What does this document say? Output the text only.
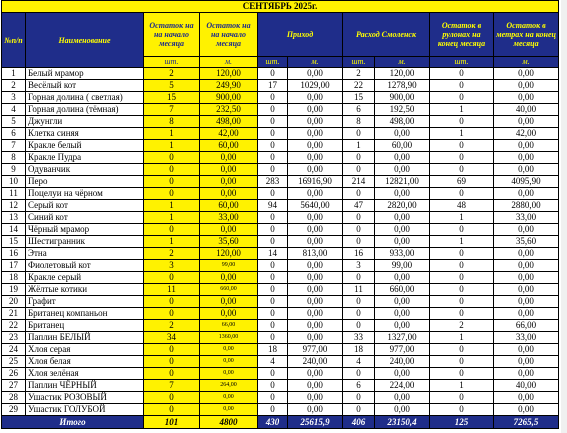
СЕНТЯБРЬ 2025г.									
№п/п	Наименование	Остаток на на начало месяца	Остаток на на начало месяца	Приход		Расход Смоленск		Остаток в рулонах на конец месяца	Остаток в метрах на конец месяца
		шт.	м.	шт.	м.	шт.	м.	шт.	м.
1	Белый мрамор	2	120,00	0	0,00	2	120,00	0	0,00
2	Весёлый кот	5	249,90	17	1029,00	22	1278,90	0	0,00
3	Горная долина ( светлая)	15	900,00	0	0,00	15	900,00	0	0,00
4	Горная долина (тёмная)	7	232,50	0	0,00	6	192,50	1	40,00
5	Джунгли	8	498,00	0	0,00	8	498,00	0	0,00
6	Клетка синяя	1	42,00	0	0,00	0	0,00	1	42,00
7	Кракле белый	1	60,00	0	0,00	1	60,00	0	0,00
8	Кракле Пудра	0	0,00	0	0,00	0	0,00	0	0,00
9	Одуванчик	0	0,00	0	0,00	0	0,00	0	0,00
10	Перо	0	0,00	283	16916,90	214	12821,00	69	4095,90
11	Поцелуи на чёрном	0	0,00	0	0,00	0	0,00	0	0,00
12	Серый кот	1	60,00	94	5640,00	47	2820,00	48	2880,00
13	Синий кот	1	33,00	0	0,00	0	0,00	1	33,00
14	Чёрный мрамор	0	0,00	0	0,00	0	0,00	0	0,00
15	Шестигранник	1	35,60	0	0,00	0	0,00	1	35,60
16	Этна	2	120,00	14	813,00	16	933,00	0	0,00
17	Фиолетовый кот	3	99,00	0	0,00	3	99,00	0	0,00
18	Кракле серый	0	0,00	0	0,00	0	0,00	0	0,00
19	Жёлтые котики	11	660,00	0	0,00	11	660,00	0	0,00
20	Графит	0	0,00	0	0,00	0	0,00	0	0,00
21	Британец компаньон	0	0,00	0	0,00	0	0,00	0	0,00
22	Британец	2	66,00	0	0,00	0	0,00	2	66,00
23	Паплин БЕЛЫЙ	34	1360,00	0	0,00	33	1327,00	1	33,00
24	Хлоя серая	0	0,00	18	977,00	18	977,00	0	0,00
25	Хлоя белая	0	0,00	4	240,00	4	240,00	0	0,00
26	Хлоя зелёная	0	0,00	0	0,00	0	0,00	0	0,00
27	Паплин ЧЁРНЫЙ	7	264,00	0	0,00	6	224,00	1	40,00
28	Ушастик РОЗОВЫЙ	0	0,00	0	0,00	0	0,00	0	0,00
29	Ушастик ГОЛУБОЙ	0	0,00	0	0,00	0	0,00	0	0,00
Итого		101	4800	430	25615,9	406	23150,4	125	7265,5
